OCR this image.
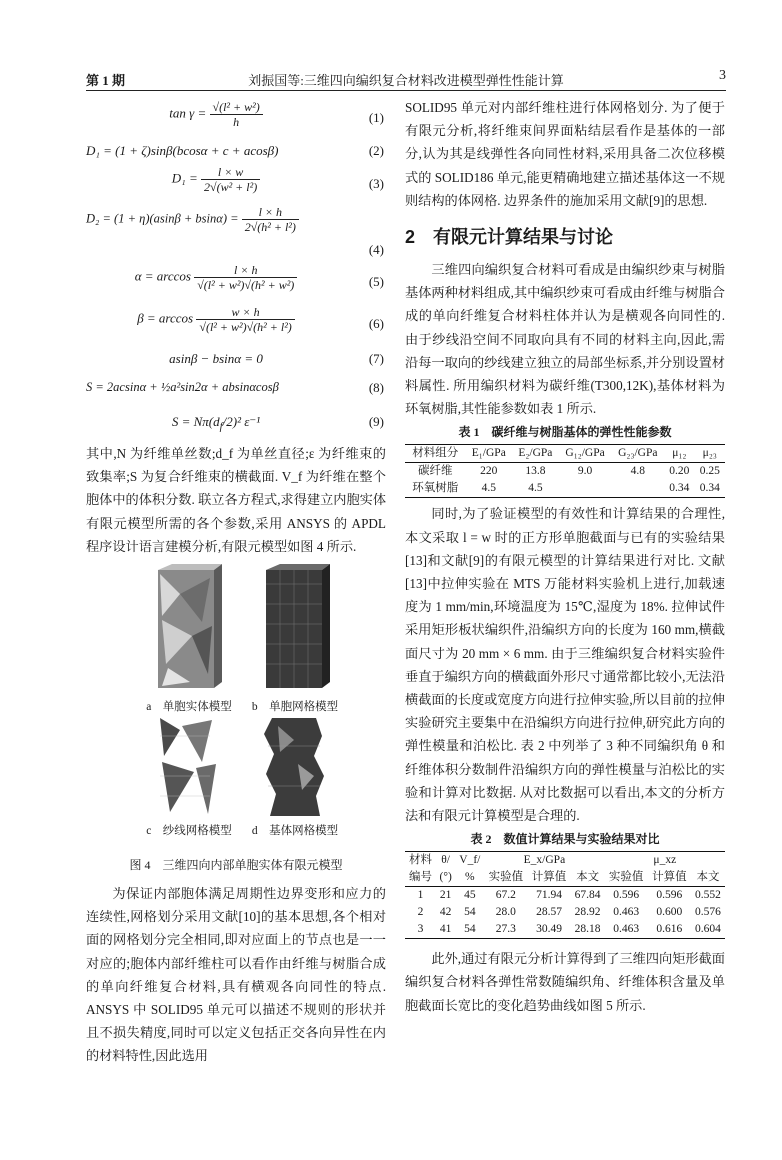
第 1 期	刘振国等:三维四向编织复合材料改进模型弹性性能计算	3
$\tan \gamma = \frac{\text{√(l² + w²)}}{h}$	(1)
D₁ = (1 + ζ)sinβ(bcosα + c + acosβ)	(2)
$D_1 = \frac{l \times w}{\text{2√(w² + l²)}}$	(3)
$D_2 = (1 + \eta)(asin\beta + bsin\alpha) = \frac{l \times h}{\text{2√(h² + l²)}}$
(4)
$\alpha = \arccos \frac{l \times h}{\text{√(l² + w²)√(h² + w²)}}$	(5)
$\beta = \arccos \frac{w \times h}{\text{√(l² + w²)√(h² + l²)}}$	(6)
asinβ − bsinα = 0	(7)
S = 2acsinα + ½a²sin2α + absinαcosβ	(8)
$S = N\pi(d_f/2)^2$ ε⁻¹	(9)

其中,N 为纤维单丝数;d_f 为单丝直径;ε 为纤维束的致集率;S 为复合纤维束的横截面. V_f 为纤维在整个胞体中的体积分数. 联立各方程式,求得建立内胞实体有限元模型所需的各个参数,采用 ANSYS 的 APDL 程序设计语言建模分析,有限元模型如图 4 所示.

a　单胞实体模型	b　单胞网格模型
c　纱线网格模型	d　基体网格模型
图 4　三维四向内部单胞实体有限元模型

为保证内部胞体满足周期性边界变形和应力的连续性,网格划分采用文献[10]的基本思想,各个相对面的网格划分完全相同,即对应面上的节点也是一一对应的;胞体内部纤维柱可以看作由纤维与树脂合成的单向纤维复合材料,具有横观各向同性的特点. ANSYS 中 SOLID95 单元可以描述不规则的形状并且不损失精度,同时可以定义包括正交各向异性在内的材料特性,因此选用

SOLID95 单元对内部纤维柱进行体网格划分. 为了便于有限元分析,将纤维束间界面粘结层看作是基体的一部分,认为其是线弹性各向同性材料,采用具备二次位移模式的 SOLID186 单元,能更精确地建立描述基体这一不规则结构的体网格. 边界条件的施加采用文献[9]的思想.

2　有限元计算结果与讨论

三维四向编织复合材料可看成是由编织纱束与树脂基体两种材料组成,其中编织纱束可看成由纤维与树脂合成的单向纤维复合材料柱体并认为是横观各向同性的. 由于纱线沿空间不同取向具有不同的材料主向,因此,需沿每一取向的纱线建立独立的局部坐标系,并分别设置材料属性. 所用编织材料为碳纤维(T300,12K),基体材料为环氧树脂,其性能参数如表 1 所示.

表 1　碳纤维与树脂基体的弹性性能参数
材料组分	E₁/GPa	E₂/GPa	G₁₂/GPa	G₂₃/GPa	μ₁₂	μ₂₃
碳纤维	220	13.8	9.0	4.8	0.20	0.25
环氧树脂	4.5	4.5			0.34	0.34

同时,为了验证模型的有效性和计算结果的合理性,本文采取 l = w 时的正方形单胞截面与已有的实验结果[13]和文献[9]的有限元模型的计算结果进行对比. 文献[13]中拉伸实验在 MTS 万能材料实验机上进行,加载速度为 1 mm/min,环境温度为 15℃,湿度为 18%. 拉伸试件采用矩形板状编织件,沿编织方向的长度为 160 mm,横截面尺寸为 20 mm × 6 mm. 由于三维编织复合材料实验件垂直于编织方向的横截面外形尺寸通常都比较小,无法沿横截面的长度或宽度方向进行拉伸实验,所以目前的拉伸实验研究主要集中在沿编织方向进行拉伸,研究此方向的弹性模量和泊松比. 表 2 中列举了 3 种不同编织角 θ 和纤维体积分数制件沿编织方向的弹性模量与泊松比的实验和计算对比数据. 从对比数据可以看出,本文的分析方法和有限元计算模型是合理的.

表 2　数值计算结果与实验结果对比
材料	θ/	V_f/	E_x/GPa			μ_xz		
编号	(°)	%	实验值	计算值	本文	实验值	计算值	本文
1	21	45	67.2	71.94	67.84	0.596	0.596	0.552
2	42	54	28.0	28.57	28.92	0.463	0.600	0.576
3	41	54	27.3	30.49	28.18	0.463	0.616	0.604

此外,通过有限元分析计算得到了三维四向矩形截面编织复合材料各弹性常数随编织角、纤维体积含量及单胞截面长宽比的变化趋势曲线如图 5 所示.
